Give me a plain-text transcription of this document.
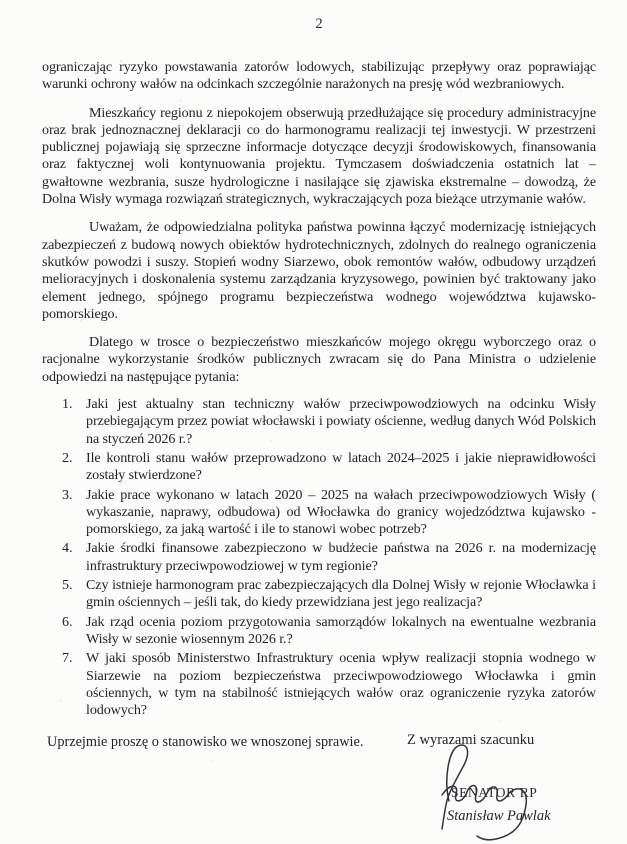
2

ograniczając ryzyko powstawania zatorów lodowych, stabilizując przepływy oraz poprawiając warunki ochrony wałów na odcinkach szczególnie narażonych na presję wód wezbraniowych.

Mieszkańcy regionu z niepokojem obserwują przedłużające się procedury administracyjne oraz brak jednoznacznej deklaracji co do harmonogramu realizacji tej inwestycji. W przestrzeni publicznej pojawiają się sprzeczne informacje dotyczące decyzji środowiskowych, finansowania oraz faktycznej woli kontynuowania projektu. Tymczasem doświadczenia ostatnich lat – gwałtowne wezbrania, susze hydrologiczne i nasilające się zjawiska ekstremalne – dowodzą, że Dolna Wisły wymaga rozwiązań strategicznych, wykraczających poza bieżące utrzymanie wałów.

Uważam, że odpowiedzialna polityka państwa powinna łączyć modernizację istniejących zabezpieczeń z budową nowych obiektów hydrotechnicznych, zdolnych do realnego ograniczenia skutków powodzi i suszy. Stopień wodny Siarzewo, obok remontów wałów, odbudowy urządzeń melioracyjnych i doskonalenia systemu zarządzania kryzysowego, powinien być traktowany jako element jednego, spójnego programu bezpieczeństwa wodnego województwa kujawsko-pomorskiego.

Dlatego w trosce o bezpieczeństwo mieszkańców mojego okręgu wyborczego oraz o racjonalne wykorzystanie środków publicznych zwracam się do Pana Ministra o udzielenie odpowiedzi na następujące pytania:

Jaki jest aktualny stan techniczny wałów przeciwpowodziowych na odcinku Wisły przebiegającym przez powiat włocławski i powiaty ościenne, według danych Wód Polskich na styczeń 2026 r.?
Ile kontroli stanu wałów przeprowadzono w latach 2024–2025 i jakie nieprawidłowości zostały stwierdzone?
Jakie prace wykonano w latach 2020 – 2025 na wałach przeciwpowodziowych Wisły ( wykaszanie, naprawy, odbudowa) od Włocławka do granicy wojedzództwa kujawsko - pomorskiego, za jaką wartość i ile to stanowi wobec potrzeb?
Jakie środki finansowe zabezpieczono w budżecie państwa na 2026 r. na modernizację infrastruktury przeciwpowodziowej w tym regionie?
Czy istnieje harmonogram prac zabezpieczających dla Dolnej Wisły w rejonie Włocławka i gmin ościennych – jeśli tak, do kiedy przewidziana jest jego realizacja?
Jak rząd ocenia poziom przygotowania samorządów lokalnych na ewentualne wezbrania Wisły w sezonie wiosennym 2026 r.?
W jaki sposób Ministerstwo Infrastruktury ocenia wpływ realizacji stopnia wodnego w Siarzewie na poziom bezpieczeństwa przeciwpowodziowego Włocławka i gmin ościennych, w tym na stabilność istniejących wałów oraz ograniczenie ryzyka zatorów lodowych?

Uprzejmie proszę o stanowisko we wnoszonej sprawie.	Z wyrazami szacunku
SENATOR RP
Stanisław Pawlak
